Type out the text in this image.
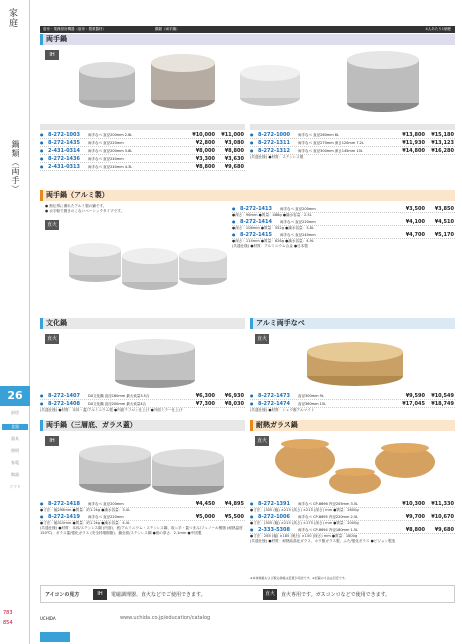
家庭
鍋類（両手）
26
厨房
食器
器具
照明
家電
陶器
ソフト
783
854
厨房・業務厨房機器（厨房・製菓器材）	鍋類（両手鍋）	4人あたり1個使
両手鍋
IH
● 8-272-1003 両手なべ 直径200mm 2.6L	¥10,000 ¥11,000
● 8-272-1435 両手なべ 直径220mm	¥2,800 ¥3,080
● 2-431-0314 両手なべ 直径200mm 3.8L	¥8,000 ¥8,800
● 8-272-1436 両手なべ 直径240mm	¥3,300 ¥3,630
● 2-431-0313 両手なべ 直径240mm 4.3L	¥8,800 ¥9,680
● 8-272-1000 両手なべ 直径260mm 6L	¥13,800 ¥15,180
● 8-272-1311 両手なべ 直径270mm 深さ120mm 7.2L	¥11,930 ¥13,123
● 8-272-1312 両手なべ 直径300mm 深さ145mm 10L	¥14,800 ¥16,280
(共通仕様) ●材質：ステンレス製
両手鍋（アルミ製）
● 熱伝導に優れたアルミ製の鍋です。
● 水字軽で磨きのこないベーシックタイプです。
直火
● 8-272-1413 両手なべ 直径200mm	¥3,500 ¥3,850
●深さ：96mm ●質量：488g ●満水容量：2.5L
● 8-272-1414 両手なべ 直径220mm	¥4,100 ¥4,510
●深さ：108mm ●質量：552g ●満水容量：3.8L
● 8-272-1415 両手なべ 直径240mm	¥4,700 ¥5,170
●深さ：114mm ●質量：626g ●満水容量：4.9L
(共通仕様) ●材質：アルミニウム合金 ●日本製
文化鍋
直火
● 8-272-1407 DX文化鍋 直径180mm 最大炊量3.5合	¥6,300 ¥6,930
● 8-272-1408 DX文化鍋 直径200mm 最大炊量4合	¥7,300 ¥8,030
(共通仕様) ●材質：本体・蓋/アルミニウム製 ●内面テフロン仕上げ ●外面ミラー仕上げ
アルミ両手なべ
直火
● 8-272-1473 直径300mm 9L	¥9,590 ¥10,549
● 8-272-1474 直径360mm 15L	¥17,045 ¥18,749
(共通仕様) ●材質：シュウ酸アルマイト
両手鍋（三層底、ガラス蓋）
IH
● 8-272-1418 両手なべ 直径200mm	¥4,450 ¥4,895
●寸法：幅298mm ●質量：約1.2kg ●満水容量：3.4L
● 8-272-1419 両手なべ 直径220mm	¥5,000 ¥5,500
●寸法：幅310mm ●質量：約1.2kg ●満水容量：4.4L
(共通仕様) ●材質：本体/ステンレス鋼 (内面)、底/アルミニウム・ステンレス鋼、取っ手・蓋つまみ/フェノール樹脂 (耐熱温度150℃)、ガラス蓋/強化ガラス (安全枠環樹脂)、鍋全面/ステンレス鋼 ●底の厚さ：2.1mm ●中国製
耐熱ガラス鍋
直火
● 8-272-1391 両手なべ CP-8696 内径205mm 3.5L	¥10,300 ¥11,330
●寸法：(305 (幅) ×215 (高さ) ×215 (深さ) mm ●質量：2600g
● 8-272-1006 両手なべ CP-8695 内径220mm 2.5L	¥9,700 ¥10,670
●寸法：(305 (幅) ×215 (高さ) ×175 (深さ) mm ●質量：2000g
● 2-333-5308 両手なべ CP-8694 内径180mm 1.5L	¥8,800 ¥9,680
●寸法：265 (幅) ×185 (奥行) ×150 (深さ) mm ●質量：1800g
(共通仕様) ●材質：耐熱結晶化ガラス、ホウ酸ガラス製、ふた/強化ガラス ●ビジョン製造
アイコンの見方	IH	電磁調理器、直火などでご使用できます。	直火	直火専用です。ガスコンロなどで使用できます。
※本体価格および税込価格は変更が可能です。※記載の寸法は目安です。
UCHIDA	www.uchida.co.jp/education/catalog
